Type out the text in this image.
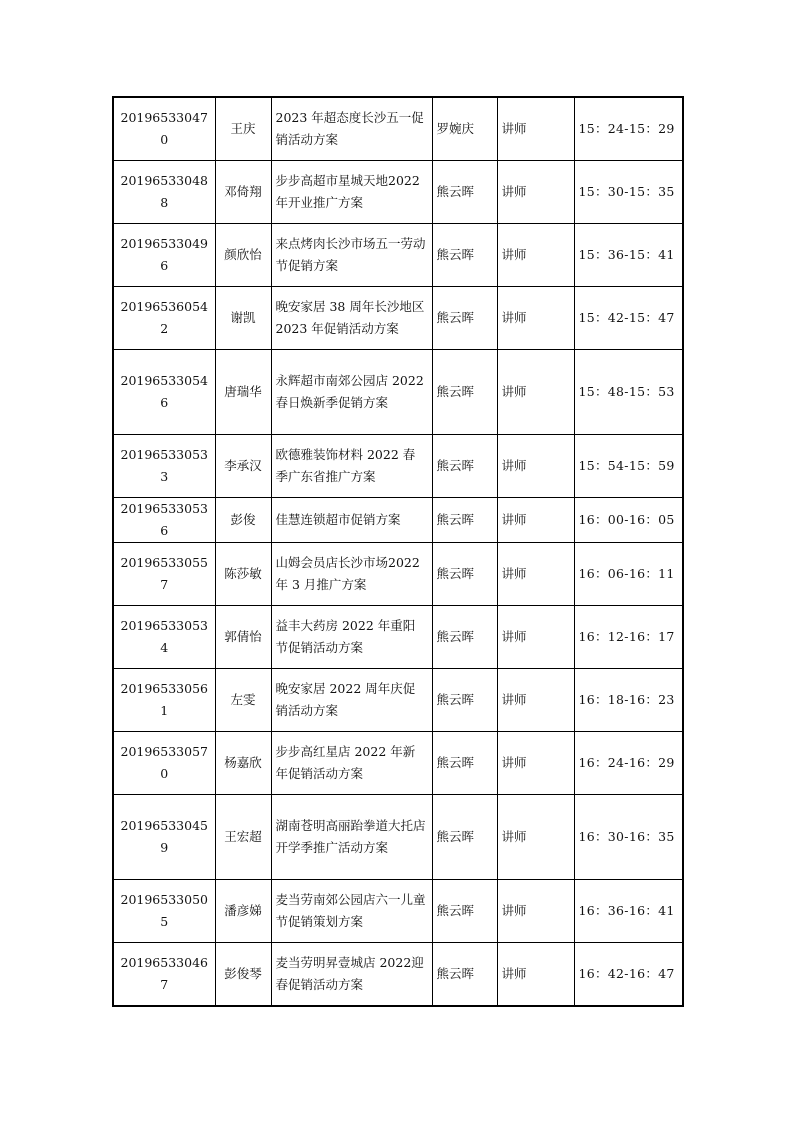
201965330470	王庆	2023 年超态度长沙五一促销活动方案	罗婉庆	讲师	15：24-15：29
201965330488	邓倚翔	步步高超市星城天地2022 年开业推广方案	熊云晖	讲师	15：30-15：35
201965330496	颜欣怡	来点烤肉长沙市场五一劳动节促销方案	熊云晖	讲师	15：36-15：41
201965360542	谢凯	晚安家居 38 周年长沙地区 2023 年促销活动方案	熊云晖	讲师	15：42-15：47
201965330546	唐瑞华	永辉超市南郊公园店 2022 春日焕新季促销方案	熊云晖	讲师	15：48-15：53
201965330533	李承汉	欧德雅装饰材料 2022 春季广东省推广方案	熊云晖	讲师	15：54-15：59
201965330536	彭俊	佳慧连锁超市促销方案	熊云晖	讲师	16：00-16：05
201965330557	陈莎敏	山姆会员店长沙市场2022 年 3 月推广方案	熊云晖	讲师	16：06-16：11
201965330534	郭倩怡	益丰大药房 2022 年重阳节促销活动方案	熊云晖	讲师	16：12-16：17
201965330561	左雯	晚安家居 2022 周年庆促销活动方案	熊云晖	讲师	16：18-16：23
201965330570	杨嘉欣	步步高红星店 2022 年新年促销活动方案	熊云晖	讲师	16：24-16：29
201965330459	王宏超	湖南苍明高丽跆拳道大托店开学季推广活动方案	熊云晖	讲师	16：30-16：35
201965330505	潘彦娣	麦当劳南郊公园店六一儿童节促销策划方案	熊云晖	讲师	16：36-16：41
201965330467	彭俊琴	麦当劳明昇壹城店 2022迎春促销活动方案	熊云晖	讲师	16：42-16：47
